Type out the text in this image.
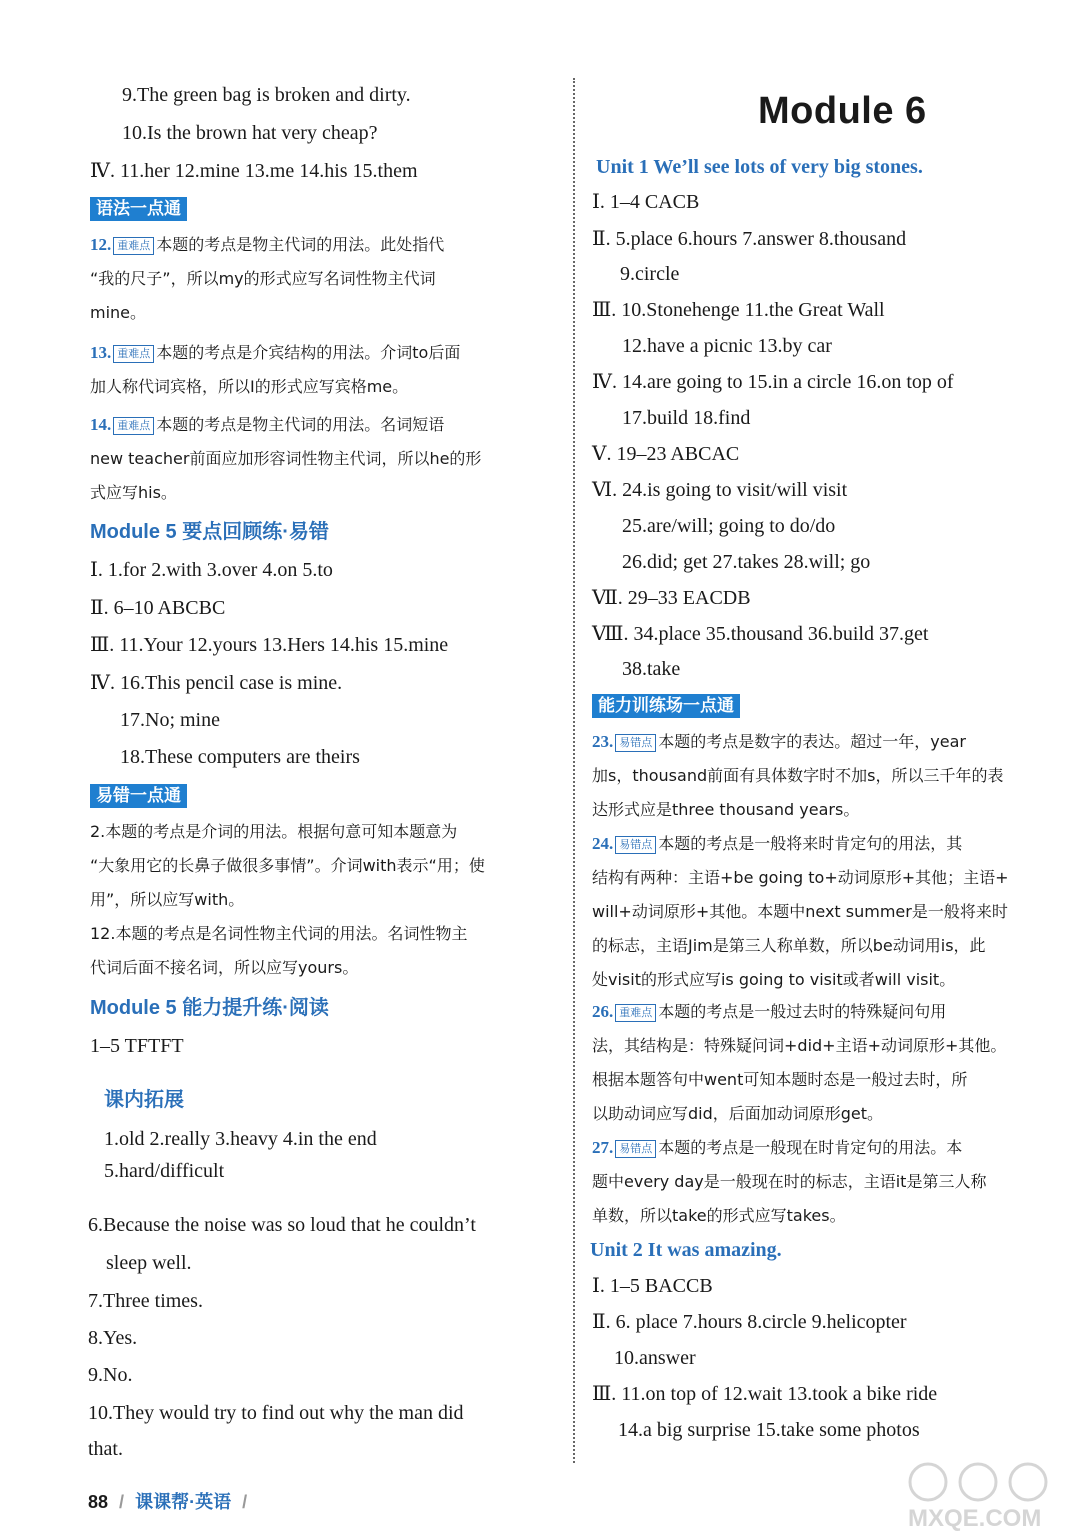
9.The green bag is broken and dirty.
10.Is the brown hat very cheap?
Ⅳ. 11.her 12.mine 13.me 14.his 15.them
语法一点通
12. 重难点 本题的考点是物主代词的用法。此处指代
“我的尺子”，所以my的形式应写名词性物主代词
mine。
13. 重难点 本题的考点是介宾结构的用法。介词to后面
加人称代词宾格，所以I的形式应写宾格me。
14. 重难点 本题的考点是物主代词的用法。名词短语
new teacher前面应加形容词性物主代词，所以he的形
式应写his。
Module 5 要点回顾练·易错
Ⅰ. 1.for 2.with 3.over 4.on 5.to
Ⅱ. 6–10 ABCBC
Ⅲ. 11.Your 12.yours 13.Hers 14.his 15.mine
Ⅳ. 16.This pencil case is mine.
17.No; mine
18.These computers are theirs
易错一点通
2.本题的考点是介词的用法。根据句意可知本题意为
“大象用它的长鼻子做很多事情”。介词with表示“用；使
用”，所以应写with。
12.本题的考点是名词性物主代词的用法。名词性物主
代词后面不接名词，所以应写yours。
Module 5 能力提升练·阅读
1–5 TFTFT
课内拓展
1.old 2.really 3.heavy 4.in the end
5.hard/difficult
6.Because the noise was so loud that he couldn’t
sleep well.
7.Three times.
8.Yes.
9.No.
10.They would try to find out why the man did
that.
Module 6
Unit 1 We’ll see lots of very big stones.
Ⅰ. 1–4 CACB
Ⅱ. 5.place 6.hours 7.answer 8.thousand
9.circle
Ⅲ. 10.Stonehenge 11.the Great Wall
12.have a picnic 13.by car
Ⅳ. 14.are going to 15.in a circle 16.on top of
17.build 18.find
Ⅴ. 19–23 ABCAC
Ⅵ. 24.is going to visit/will visit
25.are/will; going to do/do
26.did; get 27.takes 28.will; go
Ⅶ. 29–33 EACDB
Ⅷ. 34.place 35.thousand 36.build 37.get
38.take
能力训练场一点通
23. 易错点 本题的考点是数字的表达。超过一年，year
加s，thousand前面有具体数字时不加s，所以三千年的表
达形式应是three thousand years。
24. 易错点 本题的考点是一般将来时肯定句的用法，其
结构有两种：主语+be going to+动词原形+其他；主语+
will+动词原形+其他。本题中next summer是一般将来时
的标志，主语Jim是第三人称单数，所以be动词用is，此
处visit的形式应写is going to visit或者will visit。
26. 重难点 本题的考点是一般过去时的特殊疑问句用
法，其结构是：特殊疑问词+did+主语+动词原形+其他。
根据本题答句中went可知本题时态是一般过去时，所
以助动词应写did，后面加动词原形get。
27. 易错点 本题的考点是一般现在时肯定句的用法。本
题中every day是一般现在时的标志，主语it是第三人称
单数，所以take的形式应写takes。
Unit 2 It was amazing.
Ⅰ. 1–5 BACCB
Ⅱ. 6. place 7.hours 8.circle 9.helicopter
10.answer
Ⅲ. 11.on top of 12.wait 13.took a bike ride
14.a big surprise 15.take some photos
88 / 课课帮·英语 /
MXQE.COM
